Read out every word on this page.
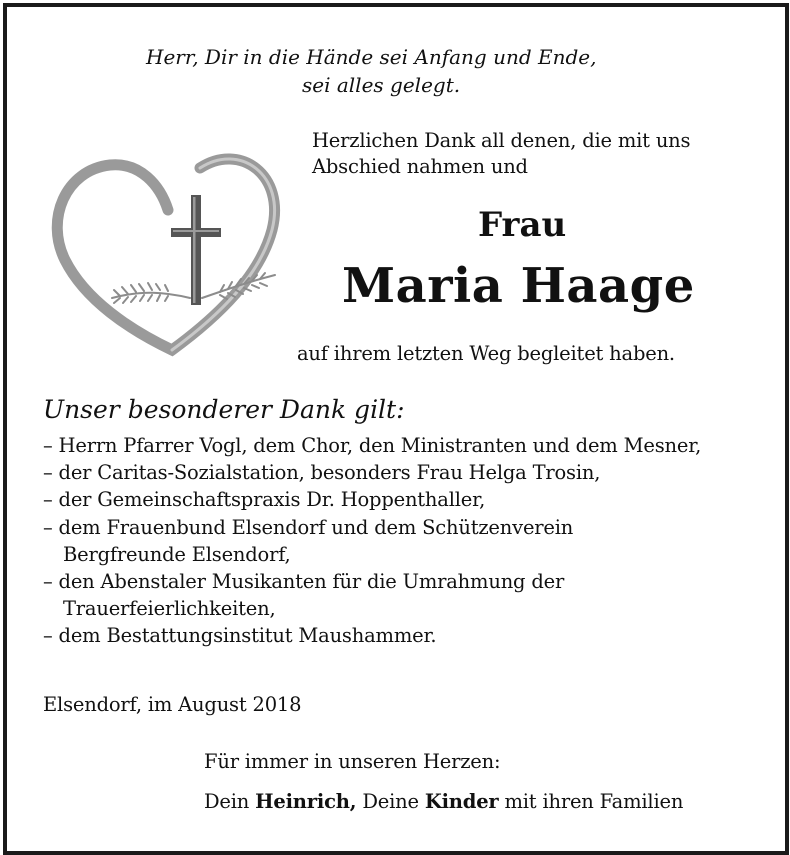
Herr, Dir in die Hände sei Anfang und Ende,
sei alles gelegt.
Herzlichen Dank all denen, die mit uns
Abschied nahmen und
Frau
Maria Haage
auf ihrem letzten Weg begleitet haben.
Unser besonderer Dank gilt:
– Herrn Pfarrer Vogl, dem Chor, den Ministranten und dem Mesner,
– der Caritas-Sozialstation, besonders Frau Helga Trosin,
– der Gemeinschaftspraxis Dr. Hoppenthaller,
– dem Frauenbund Elsendorf und dem Schützenverein
Bergfreunde Elsendorf,
– den Abenstaler Musikanten für die Umrahmung der
Trauerfeierlichkeiten,
– dem Bestattungsinstitut Maushammer.
Elsendorf, im August 2018
Für immer in unseren Herzen:
Dein Heinrich, Deine Kinder mit ihren Familien
